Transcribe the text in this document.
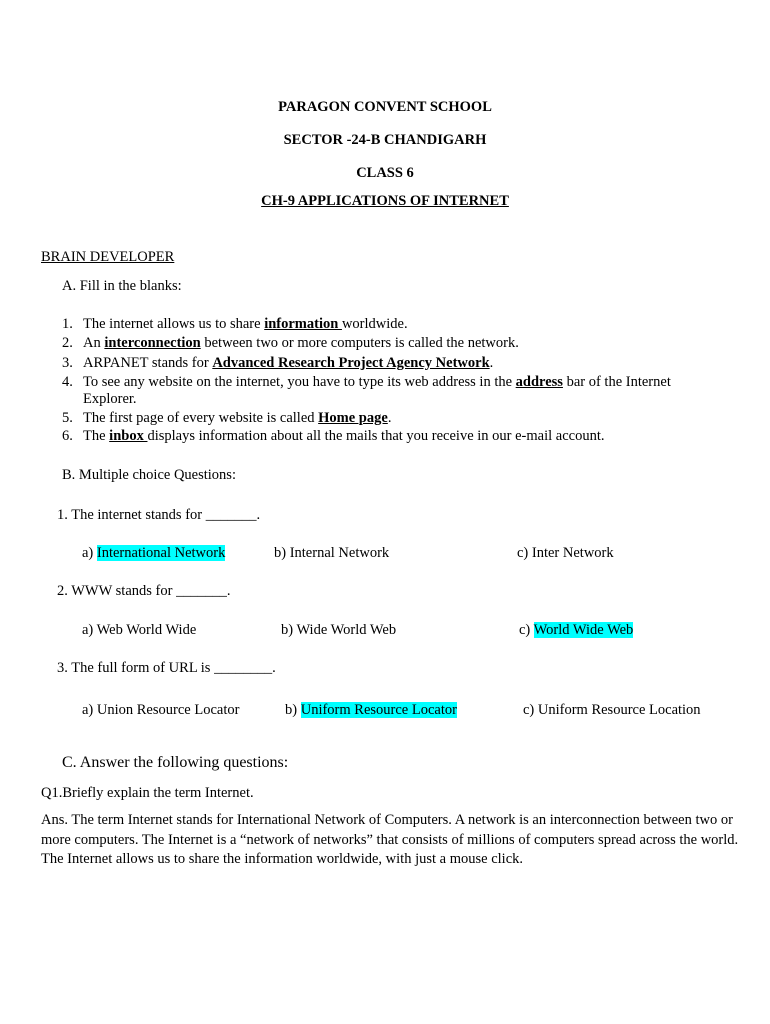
PARAGON CONVENT SCHOOL
SECTOR -24-B CHANDIGARH
CLASS 6
CH-9 APPLICATIONS OF INTERNET
BRAIN DEVELOPER
A. Fill in the blanks:
1. The internet allows us to share information worldwide.
2. An interconnection between two or more computers is called the network.
3. ARPANET stands for Advanced Research Project Agency Network.
4. To see any website on the internet, you have to type its web address in the address bar of the Internet
Explorer.
5. The first page of every website is called Home page.
6. The inbox displays information about all the mails that you receive in our e-mail account.
B. Multiple choice Questions:
1. The internet stands for _______.
a) International Network	b) Internal Network	c) Inter Network
2. WWW stands for _______.
a) Web World Wide	b) Wide World Web	c) World Wide Web
3. The full form of URL is ________.
a) Union Resource Locator	b) Uniform Resource Locator	c) Uniform Resource Location
C. Answer the following questions:
Q1.Briefly explain the term Internet.
Ans. The term Internet stands for International Network of Computers. A network is an interconnection between two or more computers. The Internet is a “network of networks” that consists of millions of computers spread across the world. The Internet allows us to share the information worldwide, with just a mouse click.
